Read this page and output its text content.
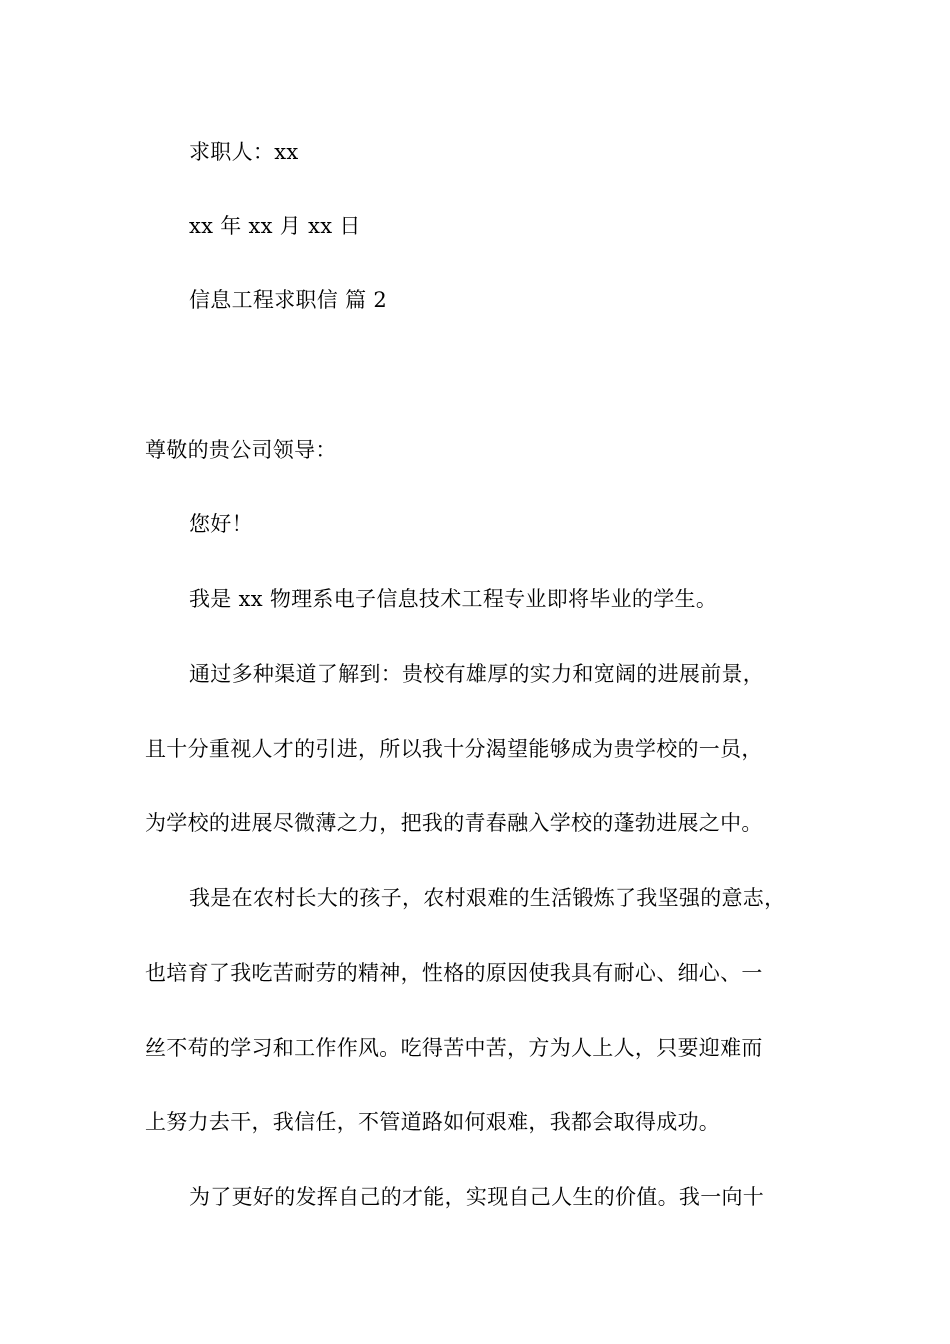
求职人：xx
xx 年 xx 月 xx 日
信息工程求职信 篇 2
尊敬的贵公司领导：
您好！
我是 xx 物理系电子信息技术工程专业即将毕业的学生。
通过多种渠道了解到：贵校有雄厚的实力和宽阔的进展前景，
且十分重视人才的引进，所以我十分渴望能够成为贵学校的一员，
为学校的进展尽微薄之力，把我的青春融入学校的蓬勃进展之中。
我是在农村长大的孩子，农村艰难的生活锻炼了我坚强的意志，
也培育了我吃苦耐劳的精神，性格的原因使我具有耐心、细心、一
丝不苟的学习和工作作风。吃得苦中苦，方为人上人，只要迎难而
上努力去干，我信任，不管道路如何艰难，我都会取得成功。
为了更好的发挥自己的才能，实现自己人生的价值。我一向十
